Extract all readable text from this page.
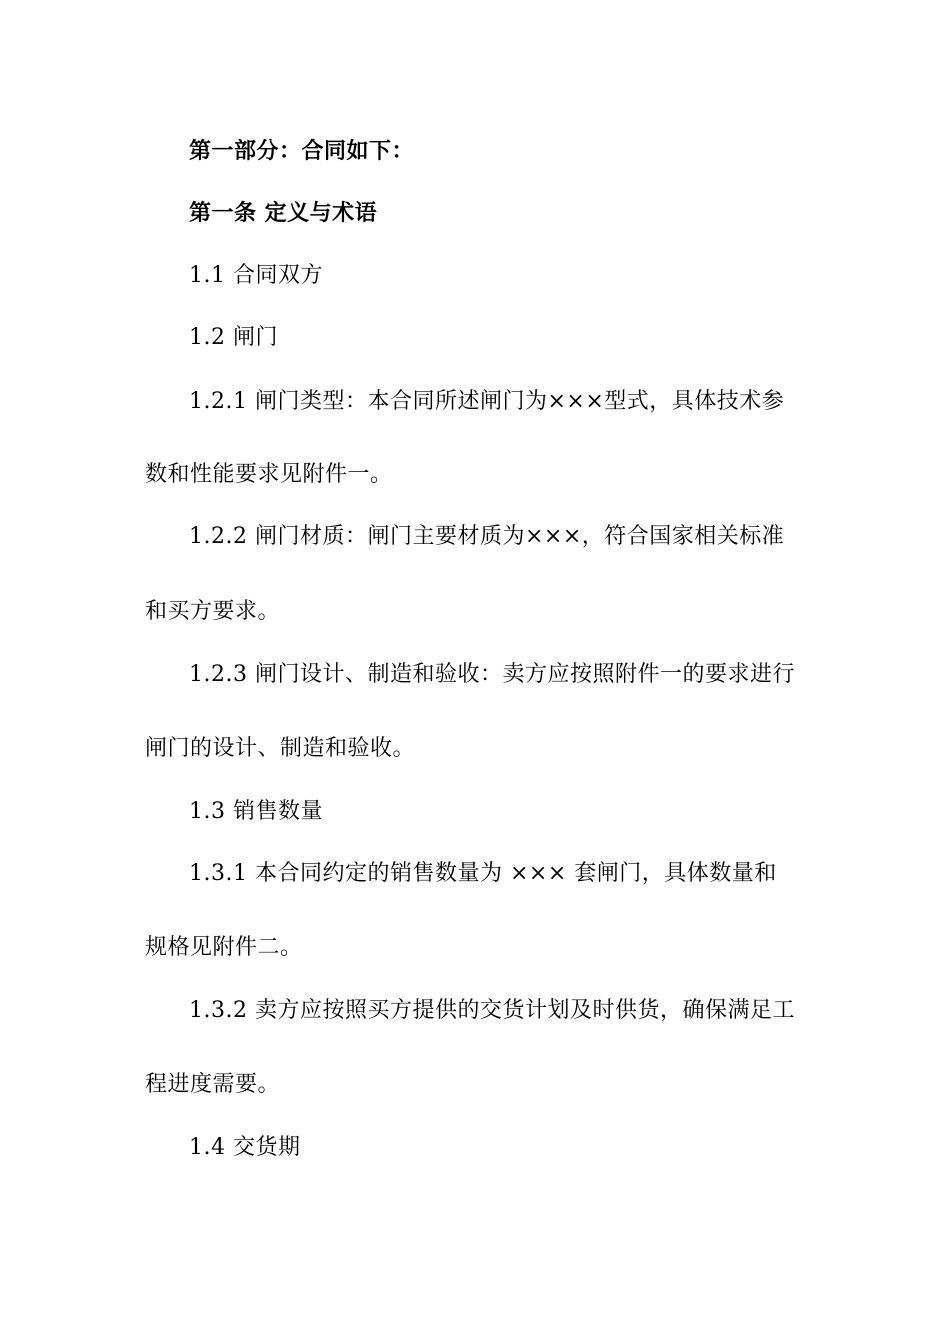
第一部分：合同如下：
第一条 定义与术语
1.1 合同双方
1.2 闸门
1.2.1 闸门类型：本合同所述闸门为×××型式，具体技术参
数和性能要求见附件一。
1.2.2 闸门材质：闸门主要材质为×××，符合国家相关标准
和买方要求。
1.2.3 闸门设计、制造和验收：卖方应按照附件一的要求进行
闸门的设计、制造和验收。
1.3 销售数量
1.3.1 本合同约定的销售数量为 ××× 套闸门，具体数量和
规格见附件二。
1.3.2 卖方应按照买方提供的交货计划及时供货，确保满足工
程进度需要。
1.4 交货期
